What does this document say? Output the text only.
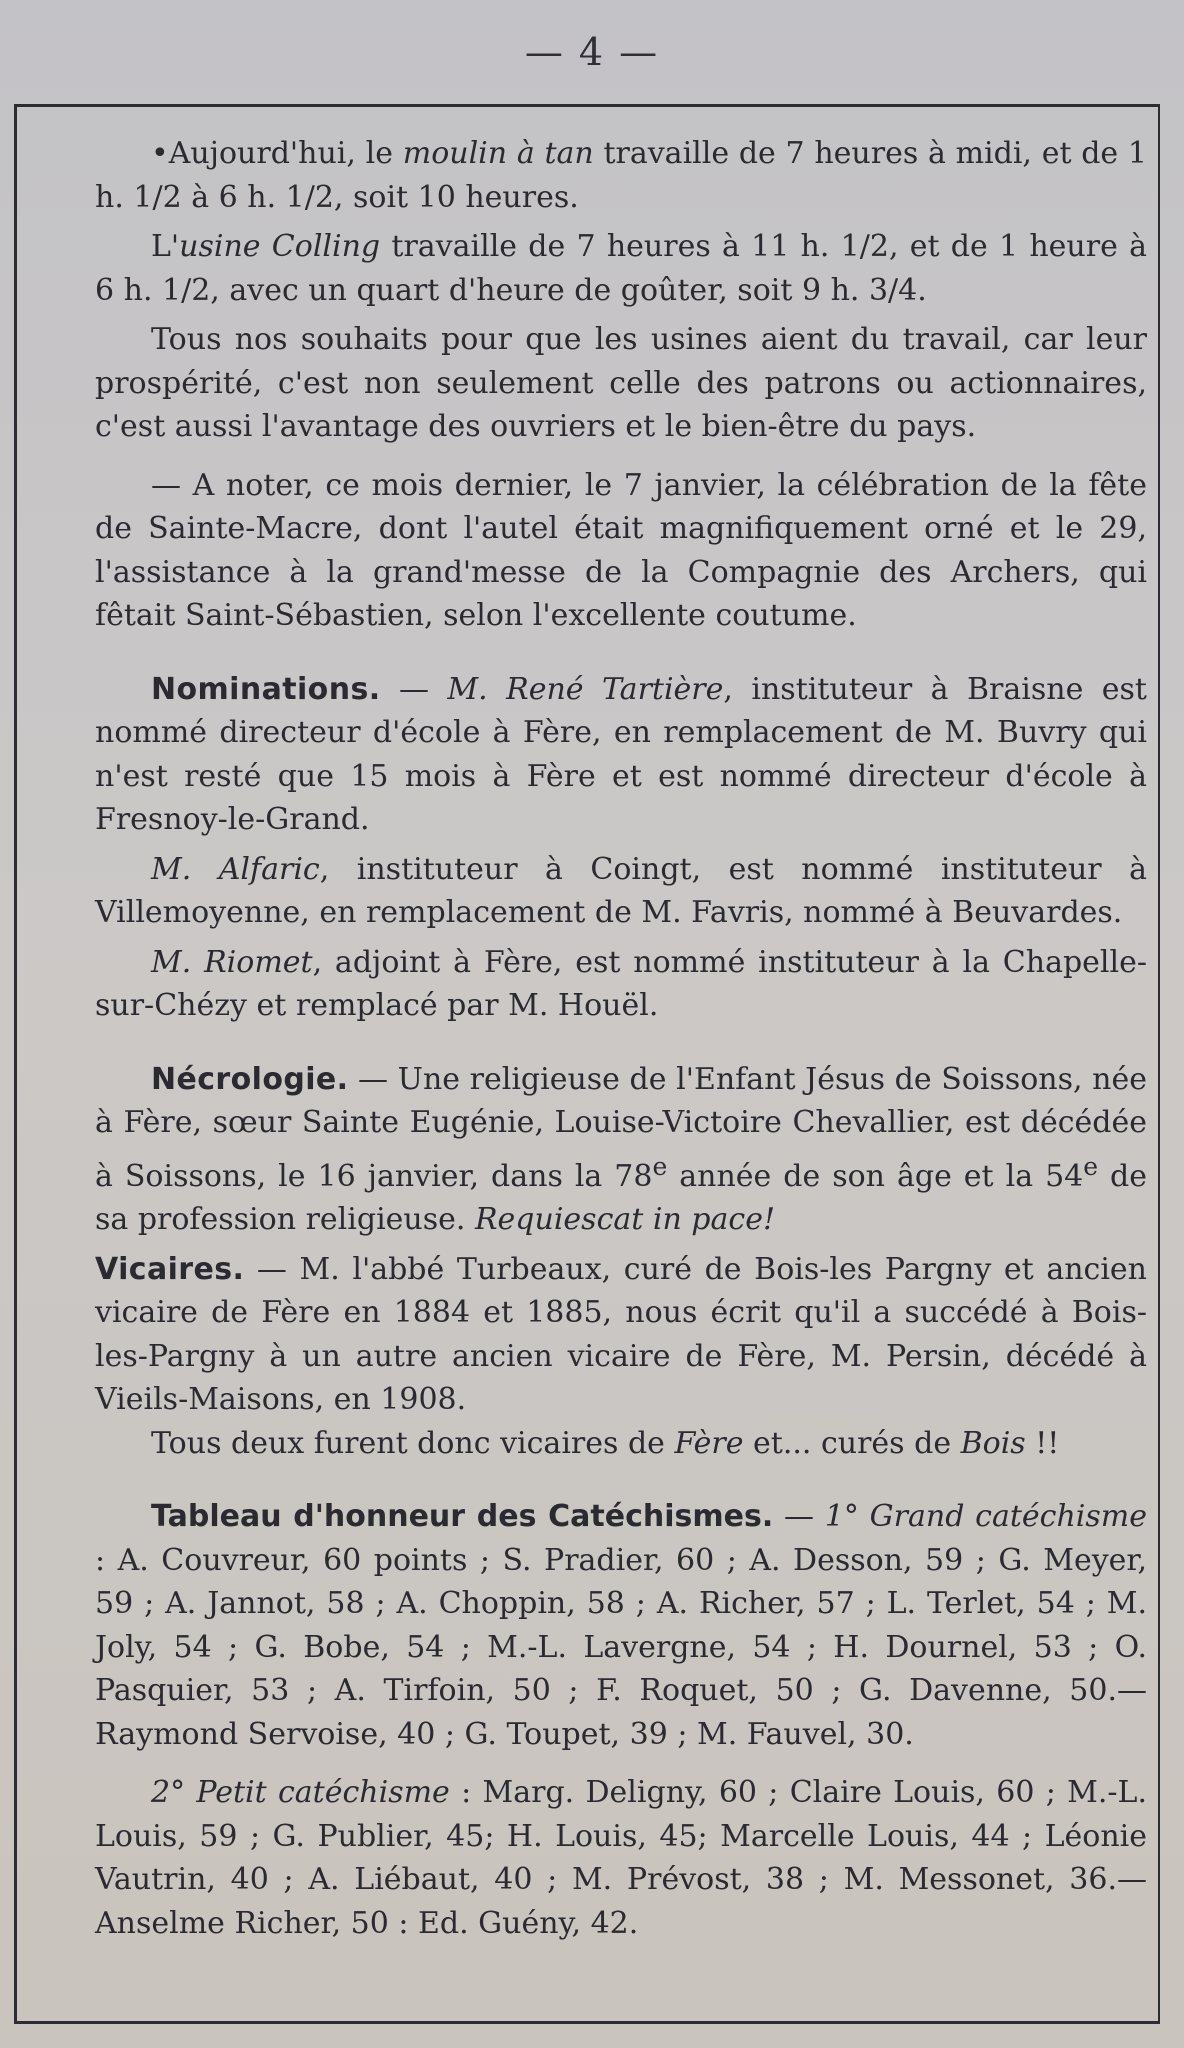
— 4 —

•Aujourd'hui, le moulin à tan travaille de 7 heures à midi, et de 1 h. 1/2 à 6 h. 1/2, soit 10 heures.

L'usine Colling travaille de 7 heures à 11 h. 1/2, et de 1 heure à 6 h. 1/2, avec un quart d'heure de goûter, soit 9 h. 3/4.

Tous nos souhaits pour que les usines aient du travail, car leur prospérité, c'est non seulement celle des patrons ou actionnaires, c'est aussi l'avantage des ouvriers et le bien-être du pays.

— A noter, ce mois dernier, le 7 janvier, la célébration de la fête de Sainte-Macre, dont l'autel était magnifiquement orné et le 29, l'assistance à la grand'messe de la Compagnie des Archers, qui fêtait Saint-Sébastien, selon l'excellente coutume.

Nominations. — M. René Tartière, instituteur à Braisne est nommé directeur d'école à Fère, en remplacement de M. Buvry qui n'est resté que 15 mois à Fère et est nommé directeur d'école à Fresnoy-le-Grand.

M. Alfaric, instituteur à Coingt, est nommé instituteur à Villemoyenne, en remplacement de M. Favris, nommé à Beuvardes.

M. Riomet, adjoint à Fère, est nommé instituteur à la Chapelle-sur-Chézy et remplacé par M. Houël.

Nécrologie. — Une religieuse de l'Enfant Jésus de Soissons, née à Fère, sœur Sainte Eugénie, Louise-Victoire Chevallier, est décédée à Soissons, le 16 janvier, dans la 78e année de son âge et la 54e de sa profession religieuse. Requiescat in pace!

Vicaires. — M. l'abbé Turbeaux, curé de Bois-les Pargny et ancien vicaire de Fère en 1884 et 1885, nous écrit qu'il a succédé à Bois-les-Pargny à un autre ancien vicaire de Fère, M. Persin, décédé à Vieils-Maisons, en 1908.

Tous deux furent donc vicaires de Fère et... curés de Bois !!

Tableau d'honneur des Catéchismes. — 1° Grand catéchisme : A. Couvreur, 60 points ; S. Pradier, 60 ; A. Desson, 59 ; G. Meyer, 59 ; A. Jannot, 58 ; A. Choppin, 58 ; A. Richer, 57 ; L. Terlet, 54 ; M. Joly, 54 ; G. Bobe, 54 ; M.-L. Lavergne, 54 ; H. Dournel, 53 ; O. Pasquier, 53 ; A. Tirfoin, 50 ; F. Roquet, 50 ; G. Davenne, 50.— Raymond Servoise, 40 ; G. Toupet, 39 ; M. Fauvel, 30.

2° Petit catéchisme : Marg. Deligny, 60 ; Claire Louis, 60 ; M.-L. Louis, 59 ; G. Publier, 45; H. Louis, 45; Marcelle Louis, 44 ; Léonie Vautrin, 40 ; A. Liébaut, 40 ; M. Prévost, 38 ; M. Messonet, 36.— Anselme Richer, 50 : Ed. Guény, 42.
